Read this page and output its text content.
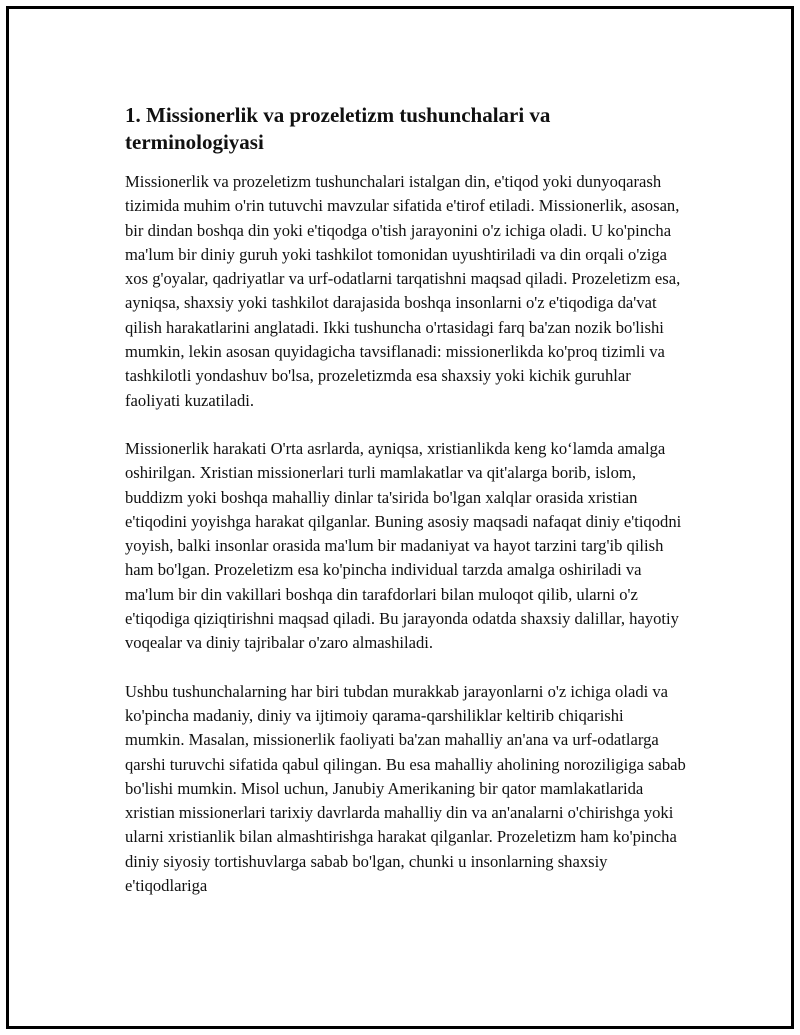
1. Missionerlik va prozeletizm tushunchalari va terminologiyasi

Missionerlik va prozeletizm tushunchalari istalgan din, e'tiqod yoki dunyoqarash tizimida muhim o'rin tutuvchi mavzular sifatida e'tirof etiladi. Missionerlik, asosan, bir dindan boshqa din yoki e'tiqodga o'tish jarayonini o'z ichiga oladi. U ko'pincha ma'lum bir diniy guruh yoki tashkilot tomonidan uyushtiriladi va din orqali o'ziga xos g'oyalar, qadriyatlar va urf-odatlarni tarqatishni maqsad qiladi. Prozeletizm esa, ayniqsa, shaxsiy yoki tashkilot darajasida boshqa insonlarni o'z e'tiqodiga da'vat qilish harakatlarini anglatadi. Ikki tushuncha o'rtasidagi farq ba'zan nozik bo'lishi mumkin, lekin asosan quyidagicha tavsiflanadi: missionerlikda ko'proq tizimli va tashkilotli yondashuv bo'lsa, prozeletizmda esa shaxsiy yoki kichik guruhlar faoliyati kuzatiladi.

Missionerlik harakati O'rta asrlarda, ayniqsa, xristianlikda keng ko‘lamda amalga oshirilgan. Xristian missionerlari turli mamlakatlar va qit'alarga borib, islom, buddizm yoki boshqa mahalliy dinlar ta'sirida bo'lgan xalqlar orasida xristian e'tiqodini yoyishga harakat qilganlar. Buning asosiy maqsadi nafaqat diniy e'tiqodni yoyish, balki insonlar orasida ma'lum bir madaniyat va hayot tarzini targ'ib qilish ham bo'lgan. Prozeletizm esa ko'pincha individual tarzda amalga oshiriladi va ma'lum bir din vakillari boshqa din tarafdorlari bilan muloqot qilib, ularni o'z e'tiqodiga qiziqtirishni maqsad qiladi. Bu jarayonda odatda shaxsiy dalillar, hayotiy voqealar va diniy tajribalar o'zaro almashiladi.

Ushbu tushunchalarning har biri tubdan murakkab jarayonlarni o'z ichiga oladi va ko'pincha madaniy, diniy va ijtimoiy qarama-qarshiliklar keltirib chiqarishi mumkin. Masalan, missionerlik faoliyati ba'zan mahalliy an'ana va urf-odatlarga qarshi turuvchi sifatida qabul qilingan. Bu esa mahalliy aholining noroziligiga sabab bo'lishi mumkin. Misol uchun, Janubiy Amerikaning bir qator mamlakatlarida xristian missionerlari tarixiy davrlarda mahalliy din va an'analarni o'chirishga yoki ularni xristianlik bilan almashtirishga harakat qilganlar. Prozeletizm ham ko'pincha diniy siyosiy tortishuvlarga sabab bo'lgan, chunki u insonlarning shaxsiy e'tiqodlariga
